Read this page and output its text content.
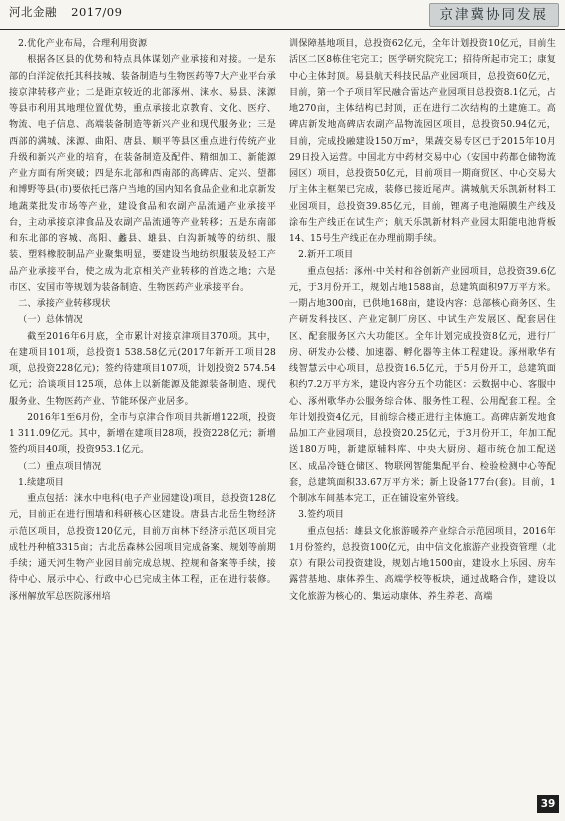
河北金融 2017/09	京津冀协同发展

2.优化产业布局，合理利用资源

根据各区县的优势和特点具体谋划产业承接和对接。一是东部的白洋淀依托其科技城、装备制造与生物医药等7大产业平台承接京津转移产业；二是距京较近的北部涿州、涞水、易县、涞源等县市利用其地理位置优势，重点承接北京教育、文化、医疗、物流、电子信息、高端装备制造等新兴产业和现代服务业；三是西部的满城、涞源、曲阳、唐县、顺平等县区重点进行传统产业升级和新兴产业的培育，在装备制造及配件、精细加工、新能源产业方面有所突破；四是东北部和西南部的高碑店、定兴、望都和博野等县(市)要依托已落户当地的国内知名食品企业和北京新发地蔬菜批发市场等产业，建设食品和农副产品流通产业承接平台，主动承接京津食品及农副产品流通等产业转移；五是东南部和东北部的容城、高阳、蠡县、雄县、白沟新城等的纺织、服装、塑料橡胶制品产业聚集明显，要建设当地纺织服装及轻工产品产业承接平台，使之成为北京相关产业转移的首选之地；六是市区、安国市等规划为装备制造、生物医药产业承接平台。

二、承接产业转移现状

（一）总体情况

截至2016年6月底，全市累计对接京津项目370项。其中，在建项目101项，总投资1 538.58亿元(2017年新开工项目28项，总投资228亿元)；签约待建项目107项，计划投资2 574.54亿元；洽谈项目125项，总体上以新能源及能源装备制造、现代服务业、生物医药产业、节能环保产业居多。

2016年1至6月份，全市与京津合作项目共新增122项，投资1 311.09亿元。其中，新增在建项目28项，投资228亿元；新增签约项目40项，投资953.1亿元。

（二）重点项目情况

1.续建项目

重点包括：涞水中电科(电子产业园建设)项目，总投资128亿元，目前正在进行围墙和科研核心区建设。唐县古北岳生物经济示范区项目，总投资120亿元，目前万亩林下经济示范区项目完成牡丹种植3315亩；古北岳森林公园项目完成备案、规划等前期手续；通天河生物产业园目前完成总规、控规和备案等手续，接待中心、展示中心、行政中心已完成主体工程，正在进行装修。涿州解放军总医院涿州培

训保障基地项目，总投资62亿元，全年计划投资10亿元，目前生活区二区8栋住宅完工；医学研究院完工；招待所起市完工；康复中心主体封顶。易县航天科技民品产业园项目，总投资60亿元，目前，第一个子项目军民融合雷达产业园项目总投资8.1亿元，占地270亩，主体结构已封顶，正在进行二次结构的土建施工。高碑店新发地高碑店农副产品物流园区项目，总投资50.94亿元，目前，完成投融建设150万m²，果蔬交易专区已于2015年10月29日投入运营。中国北方中药材交易中心（安国中药都仓储物流园区）项目，总投资50亿元，目前项目一期商贸区、中心交易大厅主体主框架已完成，装修已接近尾声。满城航天乐凯新材料工业园项目，总投资39.85亿元，目前，锂离子电池隔膜生产线及涂布生产线正在试生产；航天乐凯新材料产业园太阳能电池背板14、15号生产线正在办理前期手续。

2.新开工项目

重点包括：涿州·中关村和谷创新产业园项目，总投资39.6亿元，于3月份开工，规划占地1588亩，总建筑面积97万平方米。一期占地300亩，已供地168亩，建设内容：总部核心商务区、生产研发科技区、产业定制厂房区、中试生产发展区、配套居住区、配套服务区六大功能区。全年计划完成投资8亿元，进行厂房、研发办公楼、加速器、孵化器等主体工程建设。涿州歌华有线智慧云中心项目，总投资16.5亿元，于5月份开工，总建筑面积约7.2万平方米，建设内容分五个功能区：云数据中心、客服中心、涿州歌华办公服务综合体、服务性工程、公用配套工程。全年计划投资4亿元，目前综合楼正进行主体施工。高碑店新发地食品加工产业园项目，总投资20.25亿元，于3月份开工，年加工配送180万吨，新建原辅料库、中央大厨房、超市统仓加工配送区、成品冷链仓储区、物联网智能集配平台、检验检测中心等配套，总建筑面积33.67万平方米；新上设备177台(套)。目前，1个制冰车间基本完工，正在铺设室外管线。

3.签约项目

重点包括：雄县文化旅游暖养产业综合示范园项目，2016年1月份签约，总投资100亿元，由中信文化旅游产业投资管理（北京）有限公司投资建设，规划占地1500亩，建设水上乐园、房车露营基地、康体养生、高端学校等板块，通过战略合作，建设以文化旅游为核心的、集运动康体、养生养老、高端

39
